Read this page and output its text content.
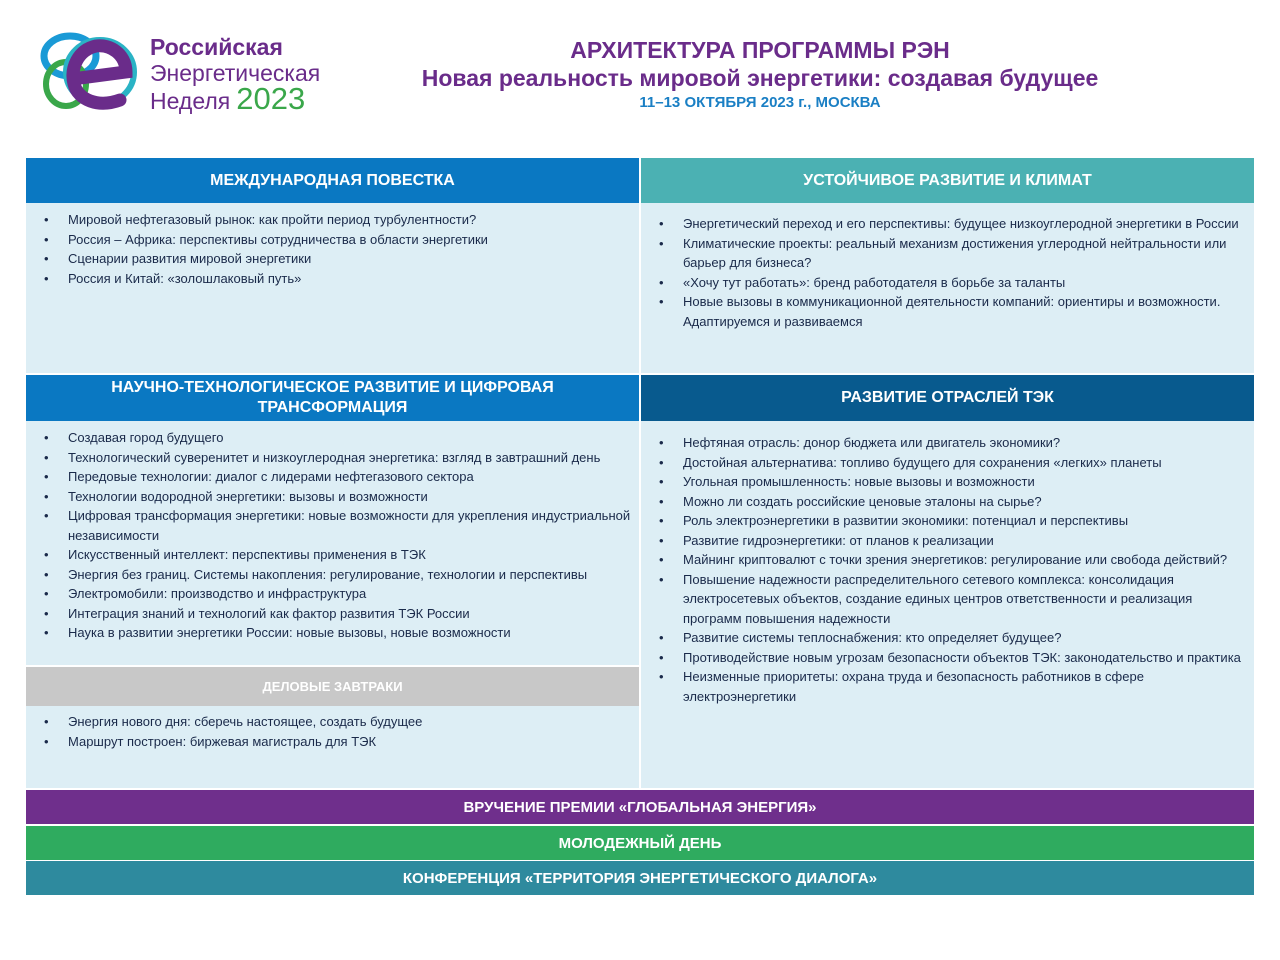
Российская
Энергетическая
Неделя 2023
АРХИТЕКТУРА ПРОГРАММЫ РЭН
Новая реальность мировой энергетики: создавая будущее
11–13 ОКТЯБРЯ 2023 г., МОСКВА
МЕЖДУНАРОДНАЯ ПОВЕСТКА
• Мировой нефтегазовый рынок: как пройти период турбулентности?
• Россия – Африка: перспективы сотрудничества в области энергетики
• Сценарии развития мировой энергетики
• Россия и Китай: «золошлаковый путь»
УСТОЙЧИВОЕ РАЗВИТИЕ И КЛИМАТ
• Энергетический переход и его перспективы: будущее низкоуглеродной энергетики в России
• Климатические проекты: реальный механизм достижения углеродной нейтральности или барьер для бизнеса?
• «Хочу тут работать»: бренд работодателя в борьбе за таланты
• Новые вызовы в коммуникационной деятельности компаний: ориентиры и возможности. Адаптируемся и развиваемся
НАУЧНО-ТЕХНОЛОГИЧЕСКОЕ РАЗВИТИЕ И ЦИФРОВАЯ ТРАНСФОРМАЦИЯ
• Создавая город будущего
• Технологический суверенитет и низкоуглеродная энергетика: взгляд в завтрашний день
• Передовые технологии: диалог с лидерами нефтегазового сектора
• Технологии водородной энергетики: вызовы и возможности
• Цифровая трансформация энергетики: новые возможности для укрепления индустриальной независимости
• Искусственный интеллект: перспективы применения в ТЭК
• Энергия без границ. Системы накопления: регулирование, технологии и перспективы
• Электромобили: производство и инфраструктура
• Интеграция знаний и технологий как фактор развития ТЭК России
• Наука в развитии энергетики России: новые вызовы, новые возможности
ДЕЛОВЫЕ ЗАВТРАКИ
• Энергия нового дня: сберечь настоящее, создать будущее
• Маршрут построен: биржевая магистраль для ТЭК
РАЗВИТИЕ ОТРАСЛЕЙ ТЭК
• Нефтяная отрасль: донор бюджета или двигатель экономики?
• Достойная альтернатива: топливо будущего для сохранения «легких» планеты
• Угольная промышленность: новые вызовы и возможности
• Можно ли создать российские ценовые эталоны на сырье?
• Роль электроэнергетики в развитии экономики: потенциал и перспективы
• Развитие гидроэнергетики: от планов к реализации
• Майнинг криптовалют с точки зрения энергетиков: регулирование или свобода действий?
• Повышение надежности распределительного сетевого комплекса: консолидация электросетевых объектов, создание единых центров ответственности и реализация программ повышения надежности
• Развитие системы теплоснабжения: кто определяет будущее?
• Противодействие новым угрозам безопасности объектов ТЭК: законодательство и практика
• Неизменные приоритеты: охрана труда и безопасность работников в сфере электроэнергетики
ВРУЧЕНИЕ ПРЕМИИ «ГЛОБАЛЬНАЯ ЭНЕРГИЯ»
МОЛОДЕЖНЫЙ ДЕНЬ
КОНФЕРЕНЦИЯ «ТЕРРИТОРИЯ ЭНЕРГЕТИЧЕСКОГО ДИАЛОГА»
